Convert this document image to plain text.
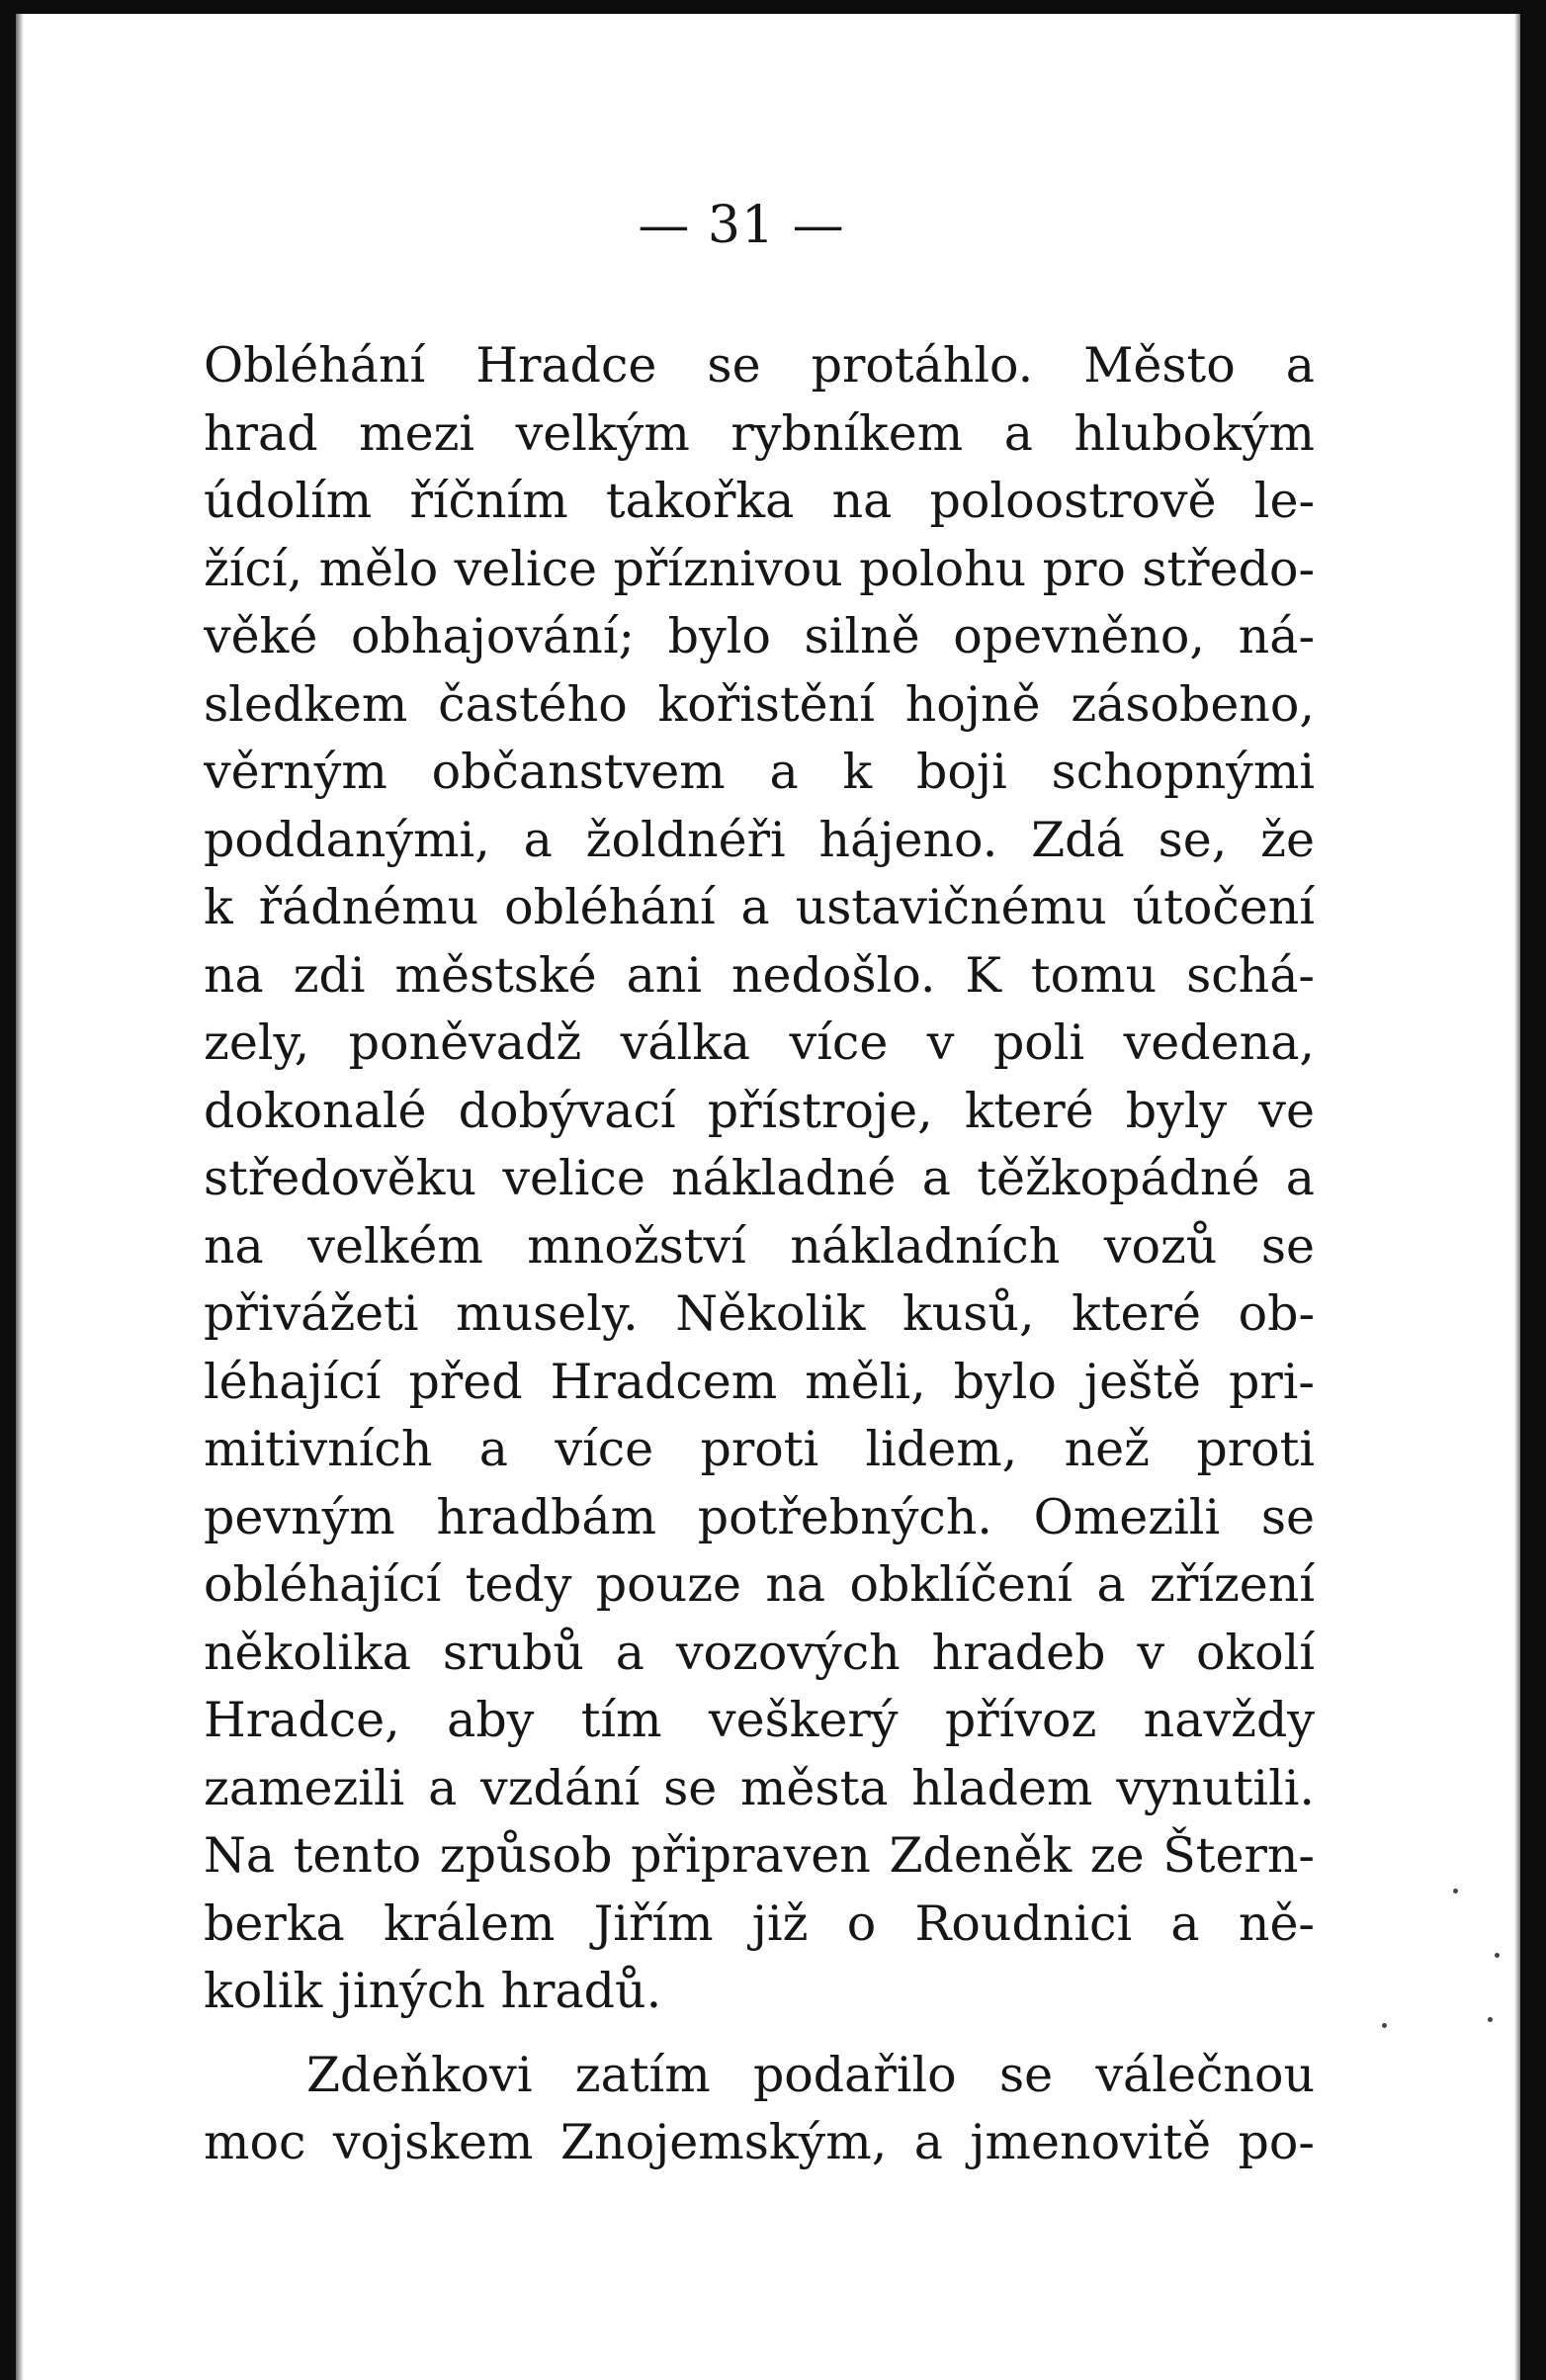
— 31 —
Obléhání Hradce se protáhlo. Město a
hrad mezi velkým rybníkem a hlubokým
údolím říčním takořka na poloostrově le-
žící, mělo velice příznivou polohu pro středo-
věké obhajování; bylo silně opevněno, ná-
sledkem častého kořistění hojně zásobeno,
věrným občanstvem a k boji schopnými
poddanými, a žoldnéři hájeno. Zdá se, že
k řádnému obléhání a ustavičnému útočení
na zdi městské ani nedošlo. K tomu schá-
zely, poněvadž válka více v poli vedena,
dokonalé dobývací přístroje, které byly ve
středověku velice nákladné a těžkopádné a
na velkém množství nákladních vozů se
přivážeti musely. Několik kusů, které ob-
léhající před Hradcem měli, bylo ještě pri-
mitivních a více proti lidem, než proti
pevným hradbám potřebných. Omezili se
obléhající tedy pouze na obklíčení a zřízení
několika srubů a vozových hradeb v okolí
Hradce, aby tím veškerý přívoz navždy
zamezili a vzdání se města hladem vynutili.
Na tento způsob připraven Zdeněk ze Štern-
berka králem Jiřím již o Roudnici a ně-
kolik jiných hradů.
Zdeňkovi zatím podařilo se válečnou
moc vojskem Znojemským, a jmenovitě po-
